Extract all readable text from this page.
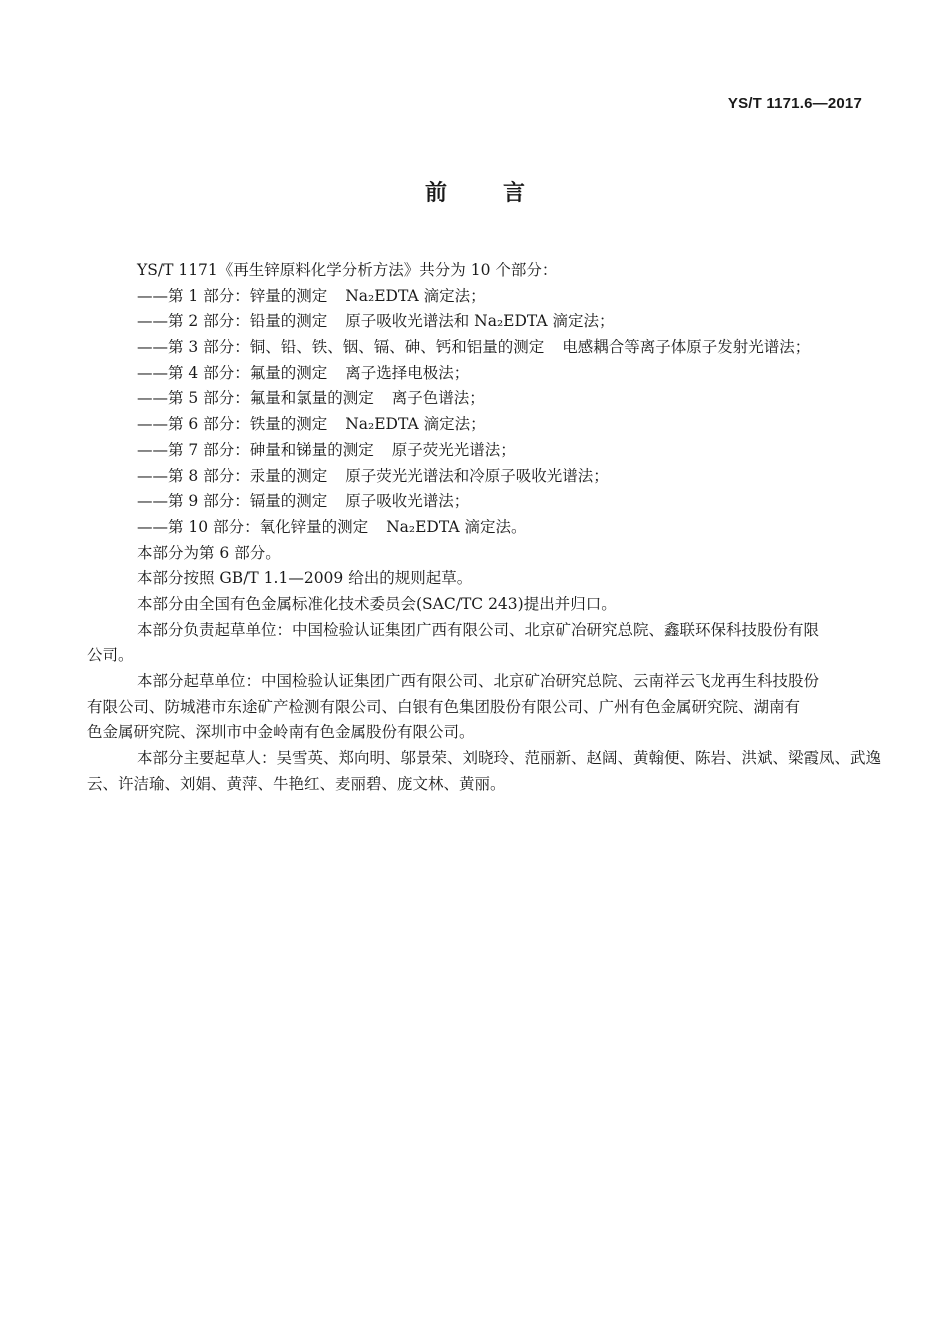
YS/T 1171.6—2017
前言
YS/T 1171《再生锌原料化学分析方法》共分为 10 个部分：
——第 1 部分：锌量的测定 Na₂EDTA 滴定法；
——第 2 部分：铅量的测定 原子吸收光谱法和 Na₂EDTA 滴定法；
——第 3 部分：铜、铅、铁、铟、镉、砷、钙和铝量的测定 电感耦合等离子体原子发射光谱法；
——第 4 部分：氟量的测定 离子选择电极法；
——第 5 部分：氟量和氯量的测定 离子色谱法；
——第 6 部分：铁量的测定 Na₂EDTA 滴定法；
——第 7 部分：砷量和锑量的测定 原子荧光光谱法；
——第 8 部分：汞量的测定 原子荧光光谱法和冷原子吸收光谱法；
——第 9 部分：镉量的测定 原子吸收光谱法；
——第 10 部分：氧化锌量的测定 Na₂EDTA 滴定法。
本部分为第 6 部分。
本部分按照 GB/T 1.1—2009 给出的规则起草。
本部分由全国有色金属标准化技术委员会(SAC/TC 243)提出并归口。
本部分负责起草单位：中国检验认证集团广西有限公司、北京矿冶研究总院、鑫联环保科技股份有限
公司。
本部分起草单位：中国检验认证集团广西有限公司、北京矿冶研究总院、云南祥云飞龙再生科技股份
有限公司、防城港市东途矿产检测有限公司、白银有色集团股份有限公司、广州有色金属研究院、湖南有
色金属研究院、深圳市中金岭南有色金属股份有限公司。
本部分主要起草人：吴雪英、郑向明、邬景荣、刘晓玲、范丽新、赵阔、黄翰便、陈岩、洪斌、梁霞凤、武逸
云、许洁瑜、刘娟、黄萍、牛艳红、麦丽碧、庞文林、黄丽。
